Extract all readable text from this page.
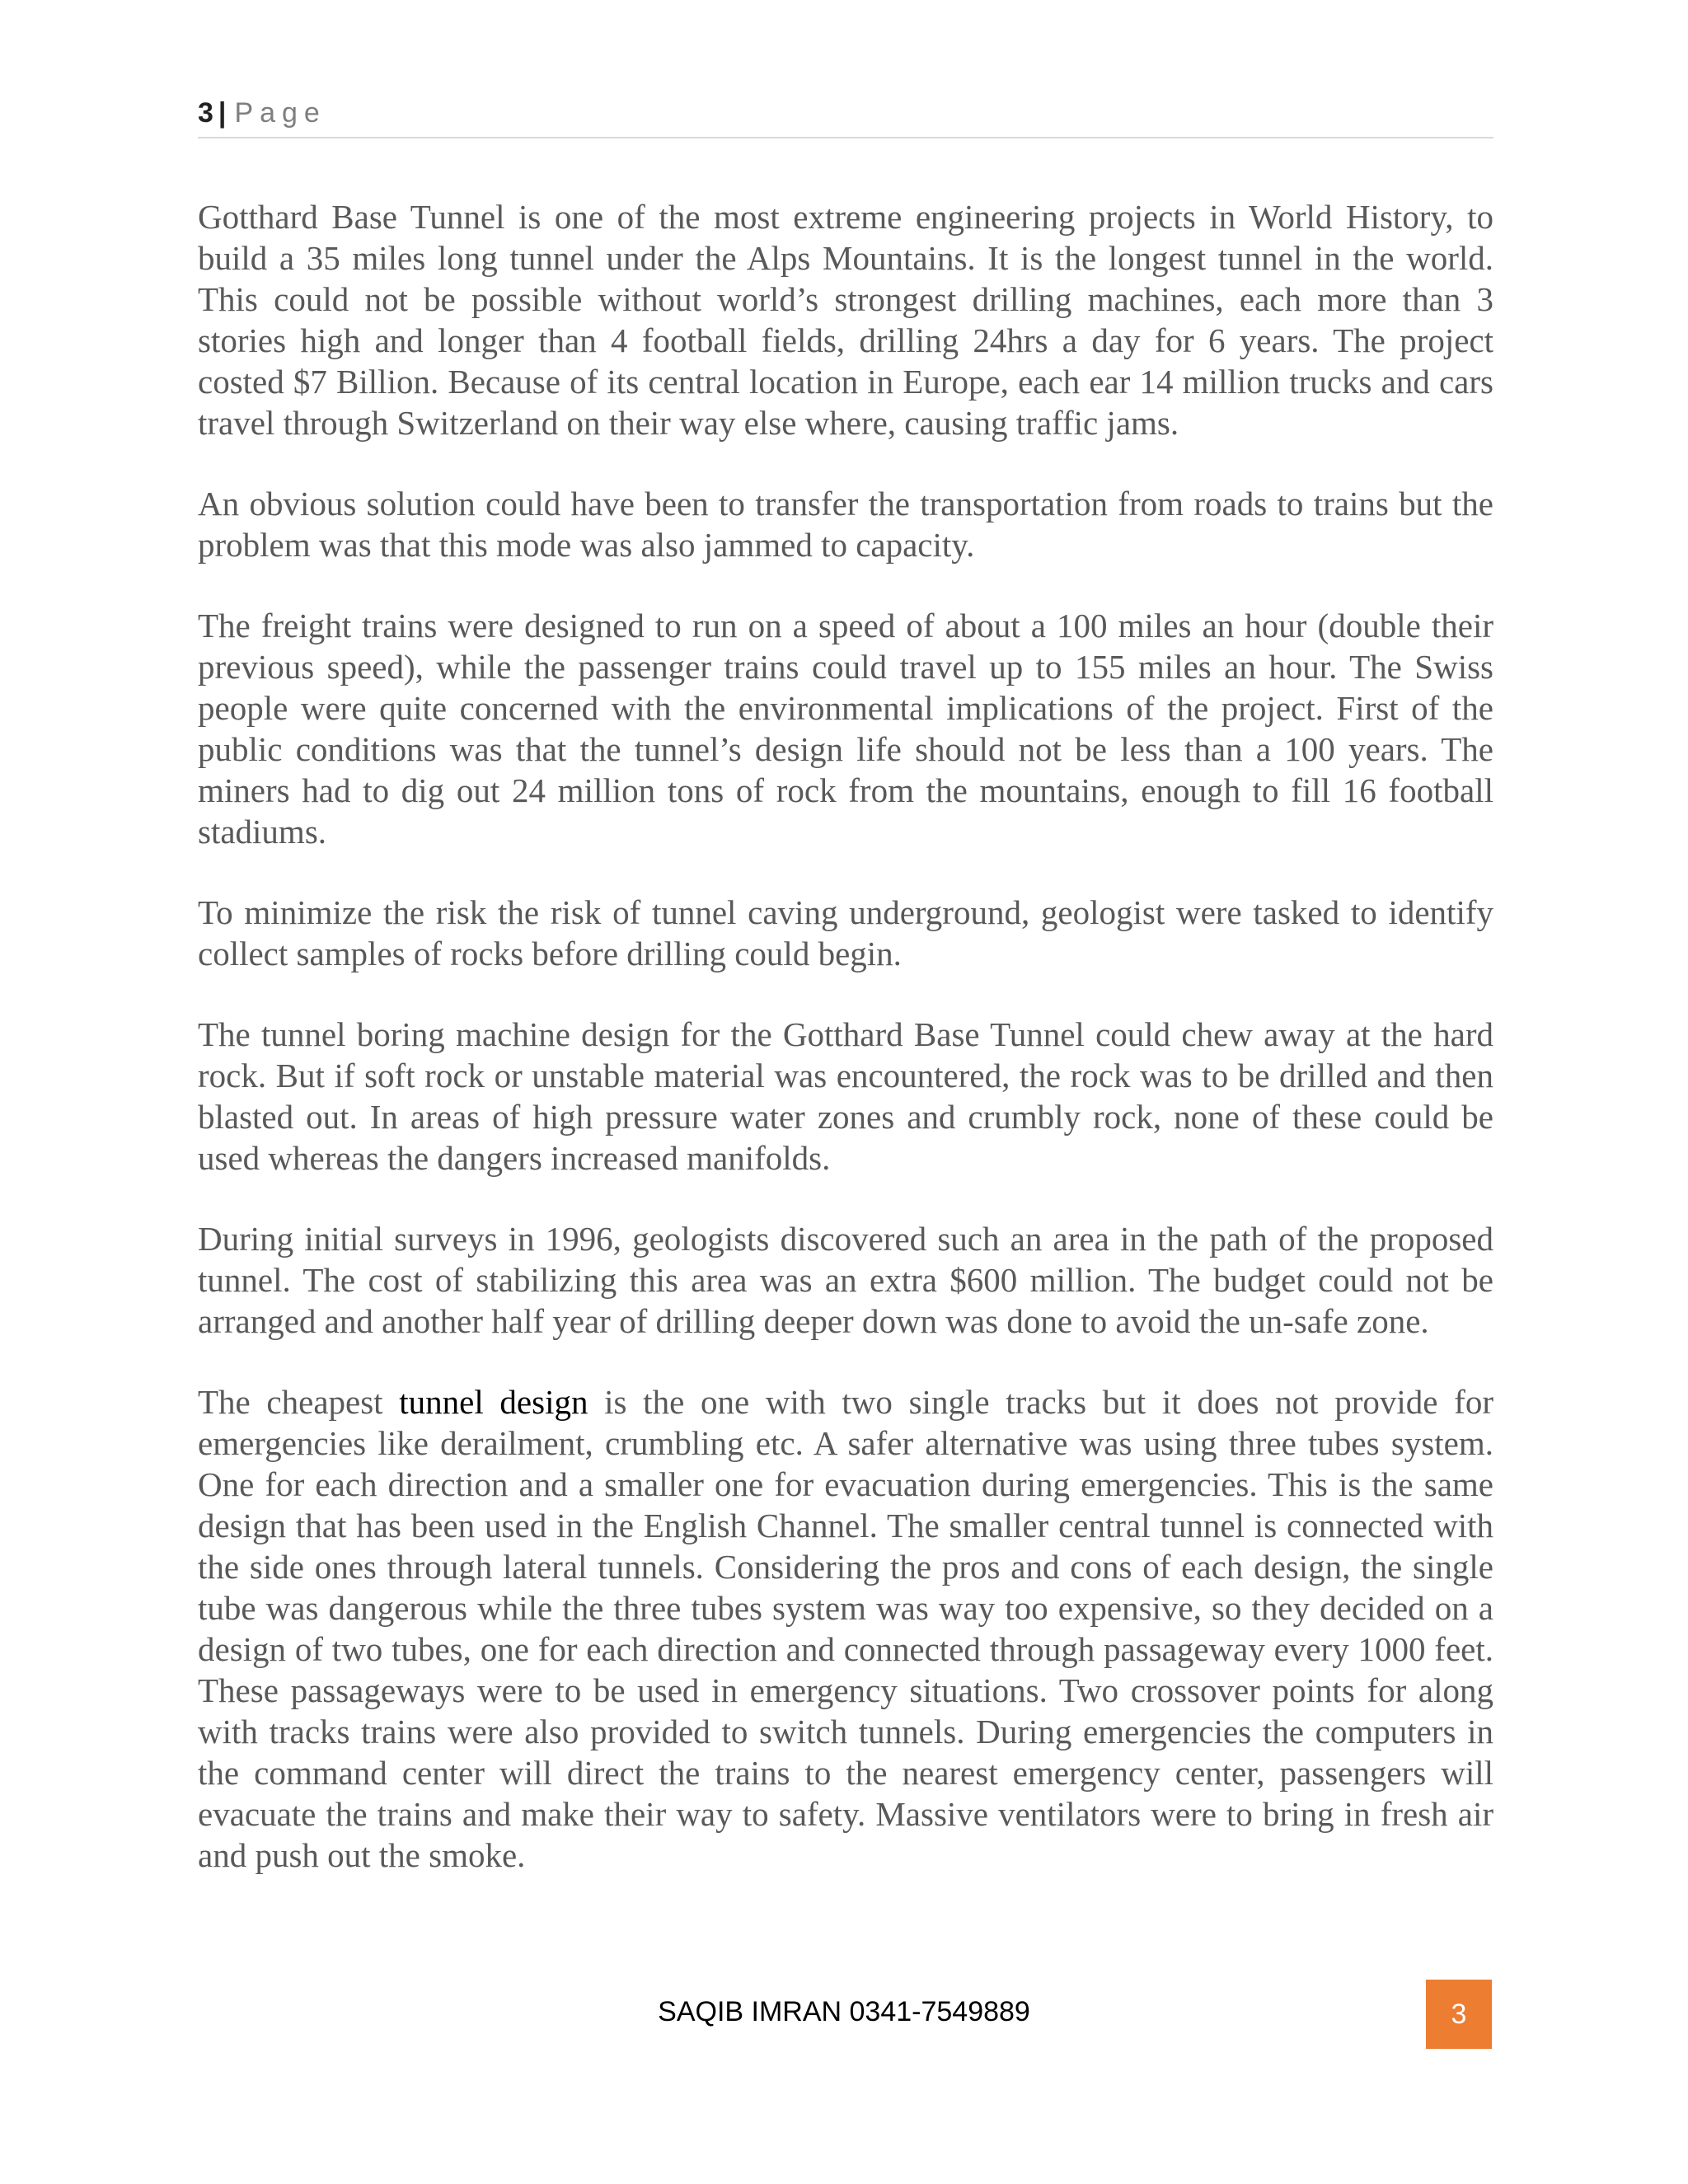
3 | Page

Gotthard Base Tunnel is one of the most extreme engineering projects in World History, to build a 35 miles long tunnel under the Alps Mountains. It is the longest tunnel in the world. This could not be possible without world’s strongest drilling machines, each more than 3 stories high and longer than 4 football fields, drilling 24hrs a day for 6 years. The project costed $7 Billion. Because of its central location in Europe, each ear 14 million trucks and cars travel through Switzerland on their way else where, causing traffic jams.

An obvious solution could have been to transfer the transportation from roads to trains but the problem was that this mode was also jammed to capacity.

The freight trains were designed to run on a speed of about a 100 miles an hour (double their previous speed), while the passenger trains could travel up to 155 miles an hour. The Swiss people were quite concerned with the environmental implications of the project. First of the public conditions was that the tunnel’s design life should not be less than a 100 years. The miners had to dig out 24 million tons of rock from the mountains, enough to fill 16 football stadiums.

To minimize the risk the risk of tunnel caving underground, geologist were tasked to identify collect samples of rocks before drilling could begin.

The tunnel boring machine design for the Gotthard Base Tunnel could chew away at the hard rock. But if soft rock or unstable material was encountered, the rock was to be drilled and then blasted out. In areas of high pressure water zones and crumbly rock, none of these could be used whereas the dangers increased manifolds.

During initial surveys in 1996, geologists discovered such an area in the path of the proposed tunnel. The cost of stabilizing this area was an extra $600 million. The budget could not be arranged and another half year of drilling deeper down was done to avoid the un-safe zone.

The cheapest tunnel design is the one with two single tracks but it does not provide for emergencies like derailment, crumbling etc. A safer alternative was using three tubes system. One for each direction and a smaller one for evacuation during emergencies. This is the same design that has been used in the English Channel. The smaller central tunnel is connected with the side ones through lateral tunnels. Considering the pros and cons of each design, the single tube was dangerous while the three tubes system was way too expensive, so they decided on a design of two tubes, one for each direction and connected through passageway every 1000 feet. These passageways were to be used in emergency situations. Two crossover points for along with tracks trains were also provided to switch tunnels. During emergencies the computers in the command center will direct the trains to the nearest emergency center, passengers will evacuate the trains and make their way to safety. Massive ventilators were to bring in fresh air and push out the smoke.

SAQIB IMRAN 0341-7549889	3
